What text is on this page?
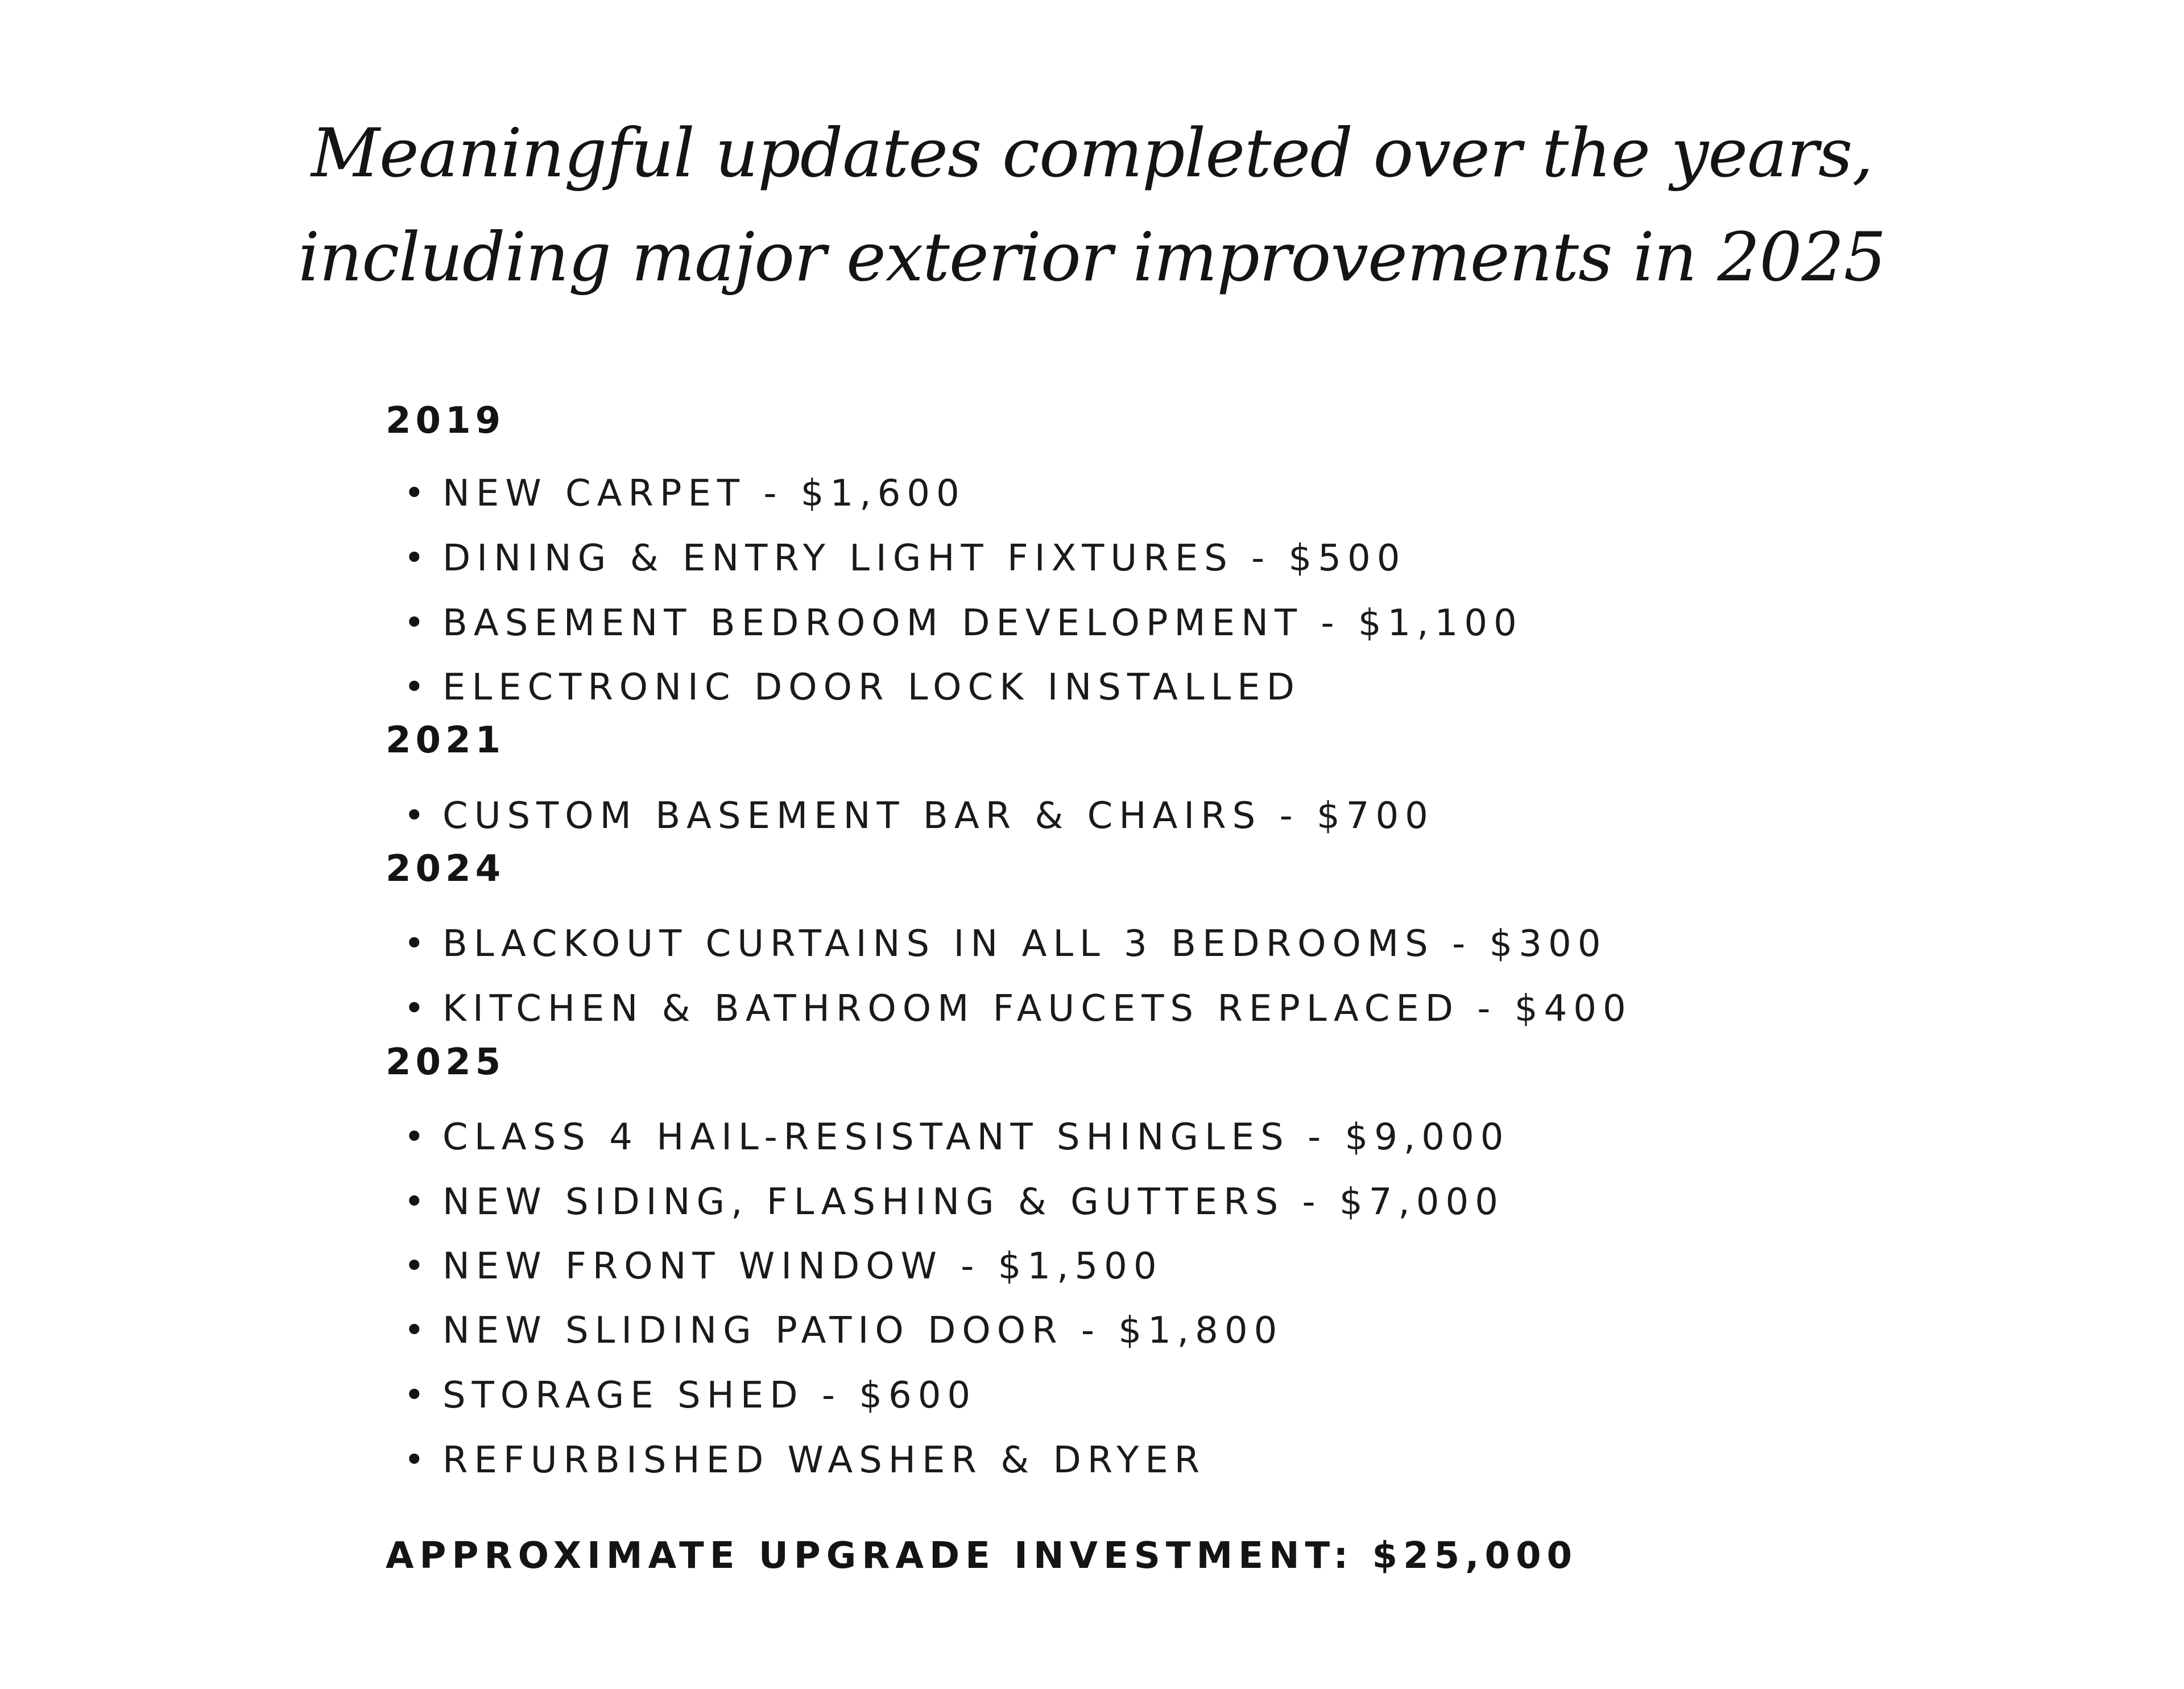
Meaningful updates completed over the years,
including major exterior improvements in 2025
2019
• NEW CARPET - $1,600
• DINING & ENTRY LIGHT FIXTURES - $500
• BASEMENT BEDROOM DEVELOPMENT - $1,100
• ELECTRONIC DOOR LOCK INSTALLED
2021
• CUSTOM BASEMENT BAR & CHAIRS - $700
2024
• BLACKOUT CURTAINS IN ALL 3 BEDROOMS - $300
• KITCHEN & BATHROOM FAUCETS REPLACED - $400
2025
• CLASS 4 HAIL-RESISTANT SHINGLES - $9,000
• NEW SIDING, FLASHING & GUTTERS - $7,000
• NEW FRONT WINDOW - $1,500
• NEW SLIDING PATIO DOOR - $1,800
• STORAGE SHED - $600
• REFURBISHED WASHER & DRYER
APPROXIMATE UPGRADE INVESTMENT: $25,000
